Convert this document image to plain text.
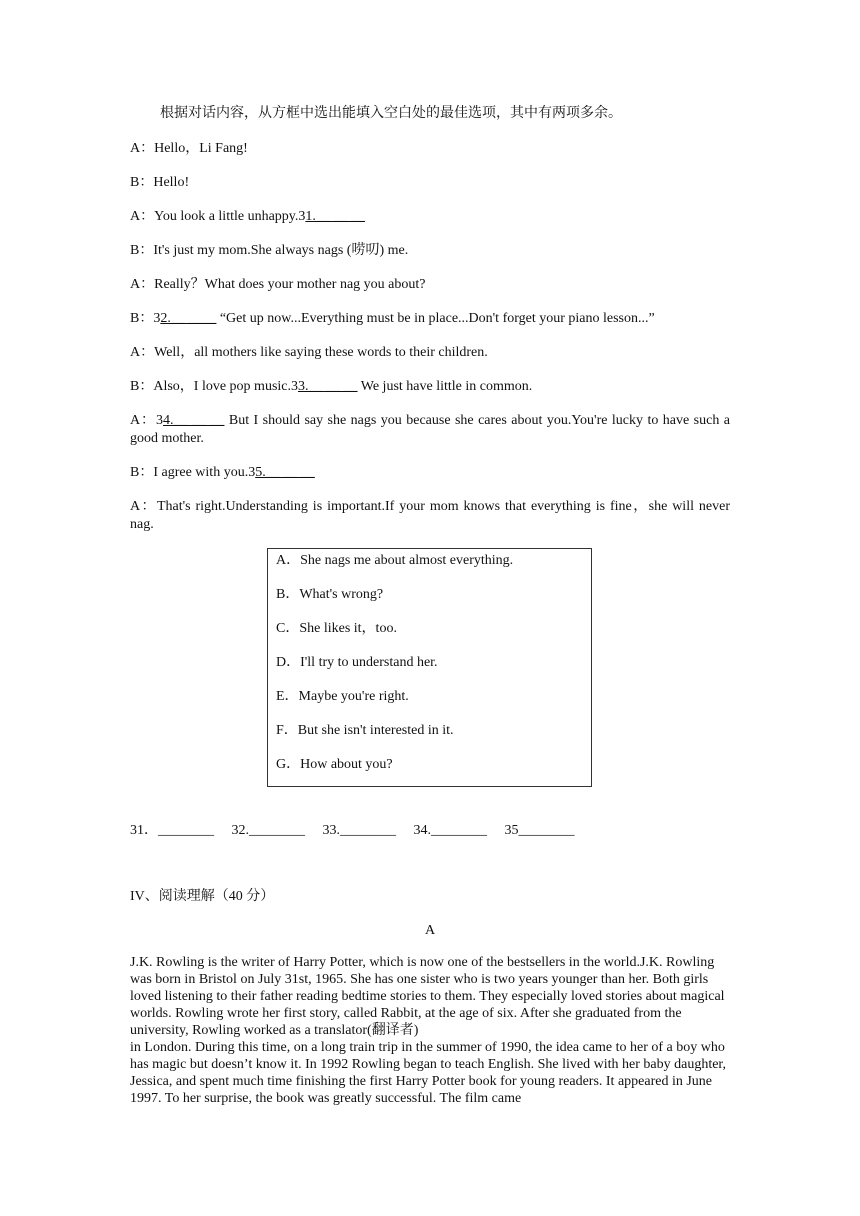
根据对话内容，从方框中选出能填入空白处的最佳选项，其中有两项多余。
A：Hello，Li Fang!
B：Hello!
A：You look a little unhappy.31.__ __ __
B：It's just my mom.She always nags (唠叨) me.
A：Really？What does your mother nag you about?
B：32.__ ____ “Get up now...Everything must be in place...Don't forget your piano lesson...”
A：Well，all mothers like saying these words to their children.
B：Also，I love pop music.33.__ __ __ We just have little in common.
A：34.__ __ __ But I should say she nags you because she cares about you.You're lucky to have such a good mother.
B：I agree with you.35.__ __ __
A：That's right.Understanding is important.If your mom knows that everything is fine，she will never nag.
A．She nags me about almost everything.
B．What's wrong?
C．She likes it，too.
D．I'll try to understand her.
E．Maybe you're right.
F．But she isn't interested in it.
G．How about you?
31．________ 32.________ 33.________ 34.________ 35________
IV、阅读理解（40 分）
A

J.K. Rowling is the writer of Harry Potter, which is now one of the bestsellers in the world.J.K. Rowling was born in Bristol on July 31st, 1965. She has one sister who is two years younger than her. Both girls loved listening to their father reading bedtime stories to them. They especially loved stories about magical worlds. Rowling wrote her first story, called Rabbit, at the age of six. After she graduated from the university, Rowling worked as a translator(翻译者)

in London. During this time, on a long train trip in the summer of 1990, the idea came to her of a boy who has magic but doesn’t know it. In 1992 Rowling began to teach English. She lived with her baby daughter, Jessica, and spent much time finishing the first Harry Potter book for young readers. It appeared in June 1997. To her surprise, the book was greatly successful. The film came
